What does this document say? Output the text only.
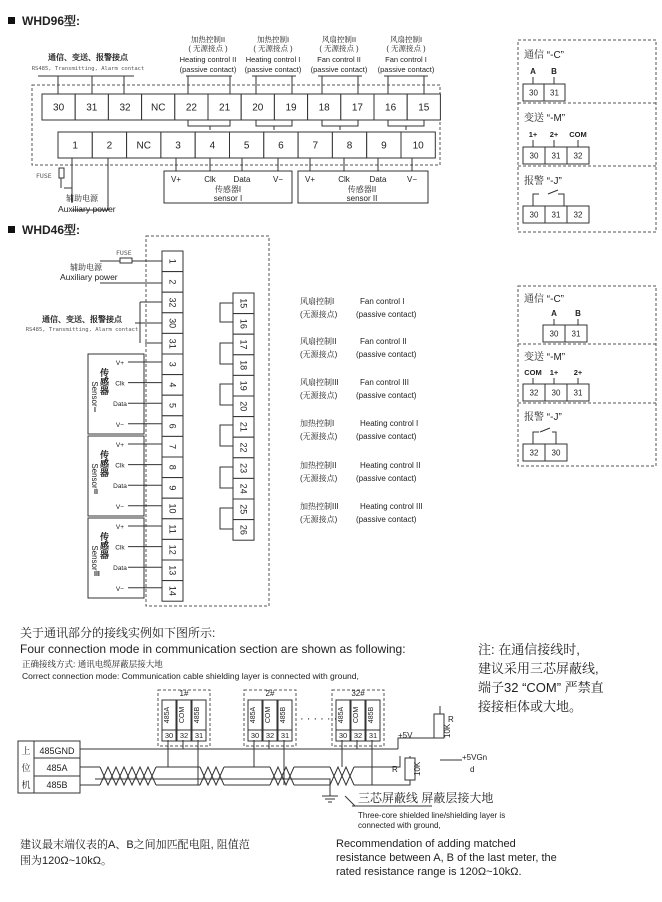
WHD96型:
通信、变送、报警接点
RS485, Transmitting, Alarm contact
加热控制II
( 无源接点 )
Heating control II
(passive contact)
加热控制I
( 无源接点 )
Heating control I
(passive contact)
风扇控制II
( 无源接点 )
Fan control II
(passive contact)
风扇控制I
( 无源接点 )
Fan control I
(passive contact)
30 31 32 NC 22 21 20 19 18 17 16 15
1	2 NC 3	4	5	6	7	8	9	10
FUSE
辅助电源
Auxiliary power
V+	Clk Data	V−
传感器I
sensor I
V+	Clk Data	V−
传感器II
sensor II
通信 “-C”
A B
30 31
变送 “-M”
1+ 2+ COM
30 31 32
报警 “-J”
30 31 32
WHD46型:
1
2
32
30
31
3
4
5
6
7
8
9
10
11
12
13
14
15
16
17
18
19
20
21
22
23
24
25
26
FUSE
辅助电源
Auxiliary power
通信、变送、报警接点
RS485, Transmitting, Alarm contact
传感器
Sensor
I
V+
Clk
Data
V−
传感器
Sensor
II
V+
Clk
Data
V−
传感器
Sensor
III
V+
Clk
Data
V−
风扇控制I
(无源接点)
Fan control I
(passive contact)
风扇控制II
(无源接点)
Fan control II
(passive contact)
风扇控制III
(无源接点)
Fan control III
(passive contact)
加热控制I
(无源接点)
Heating control I
(passive contact)
加热控制II
(无源接点)
Heating control II
(passive contact)
加热控制III
(无源接点)
Heating control III
(passive contact)
通信 “-C”
A B
30 31
变送 “-M”
COM 1+ 2+
32 30 31
报警 “-J”
32 30
关于通讯部分的接线实例如下图所示:
Four connection mode in communication section are shown as following:
正确接线方式: 通讯电缆屏蔽层接大地
Correct connection mode: Communication cable shielding layer is connected with ground,
注: 在通信接线时,
建议采用三芯屏蔽线,
端子32 “COM” 严禁直
接接柜体或大地。
1#
485A
30
COM
32
485B
31
2#
485A
30
COM
32
485B
31
32#
485A
30
COM
32
485B
31
· · · · · ·
上
位
机
485GND
485A
485B
+5V
+5VGn
d
R
R
10K
10K
三芯屏蔽线 屏蔽层接大地
Three-core shielded line/shielding layer is
connected with ground,
建议最末端仪表的A、B之间加匹配电阻, 阻值范
围为120Ω~10kΩ。
Recommendation of adding matched
resistance between A, B of the last meter, the
rated resistance range is 120Ω~10kΩ.
